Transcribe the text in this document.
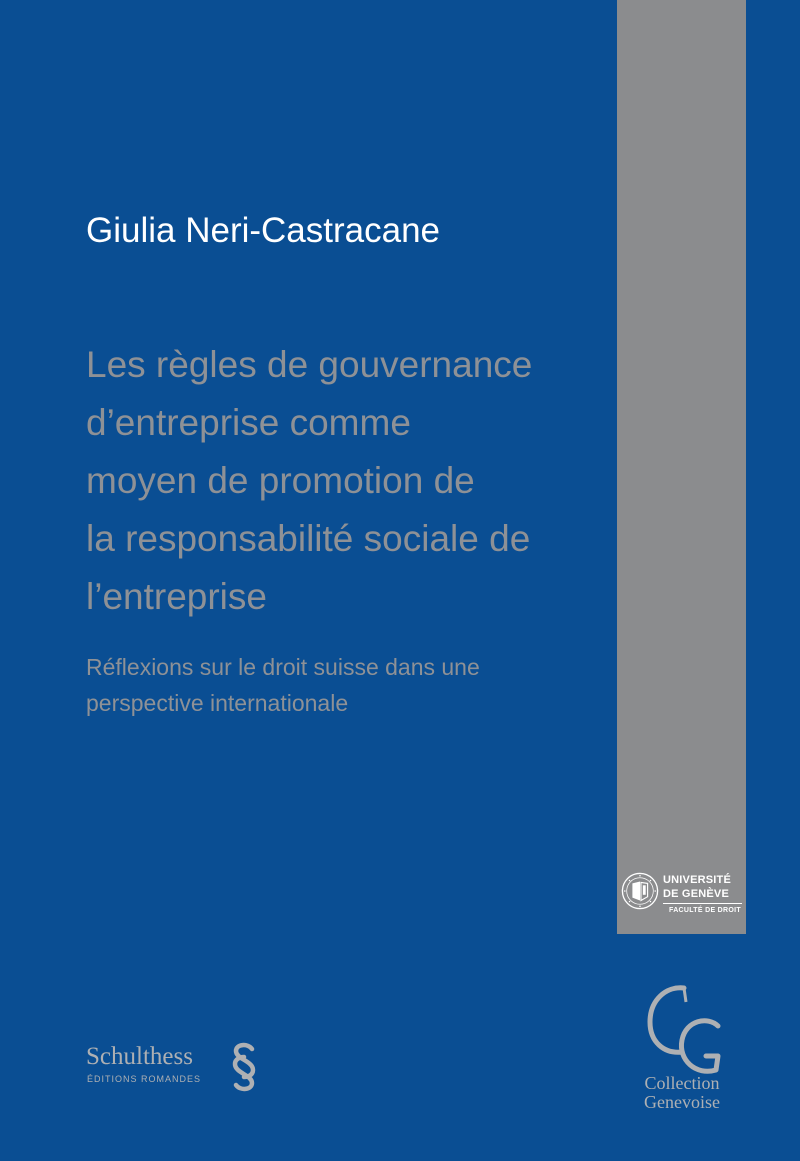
Giulia Neri-Castracane
Les règles de gouvernance
d’entreprise comme
moyen de promotion de
la responsabilité sociale de
l’entreprise
Réflexions sur le droit suisse dans une
perspective internationale
UNIVERSITÉ
DE GENÈVE
FACULTÉ DE DROIT
Schulthess
ÉDITIONS ROMANDES	Collection
Genevoise
